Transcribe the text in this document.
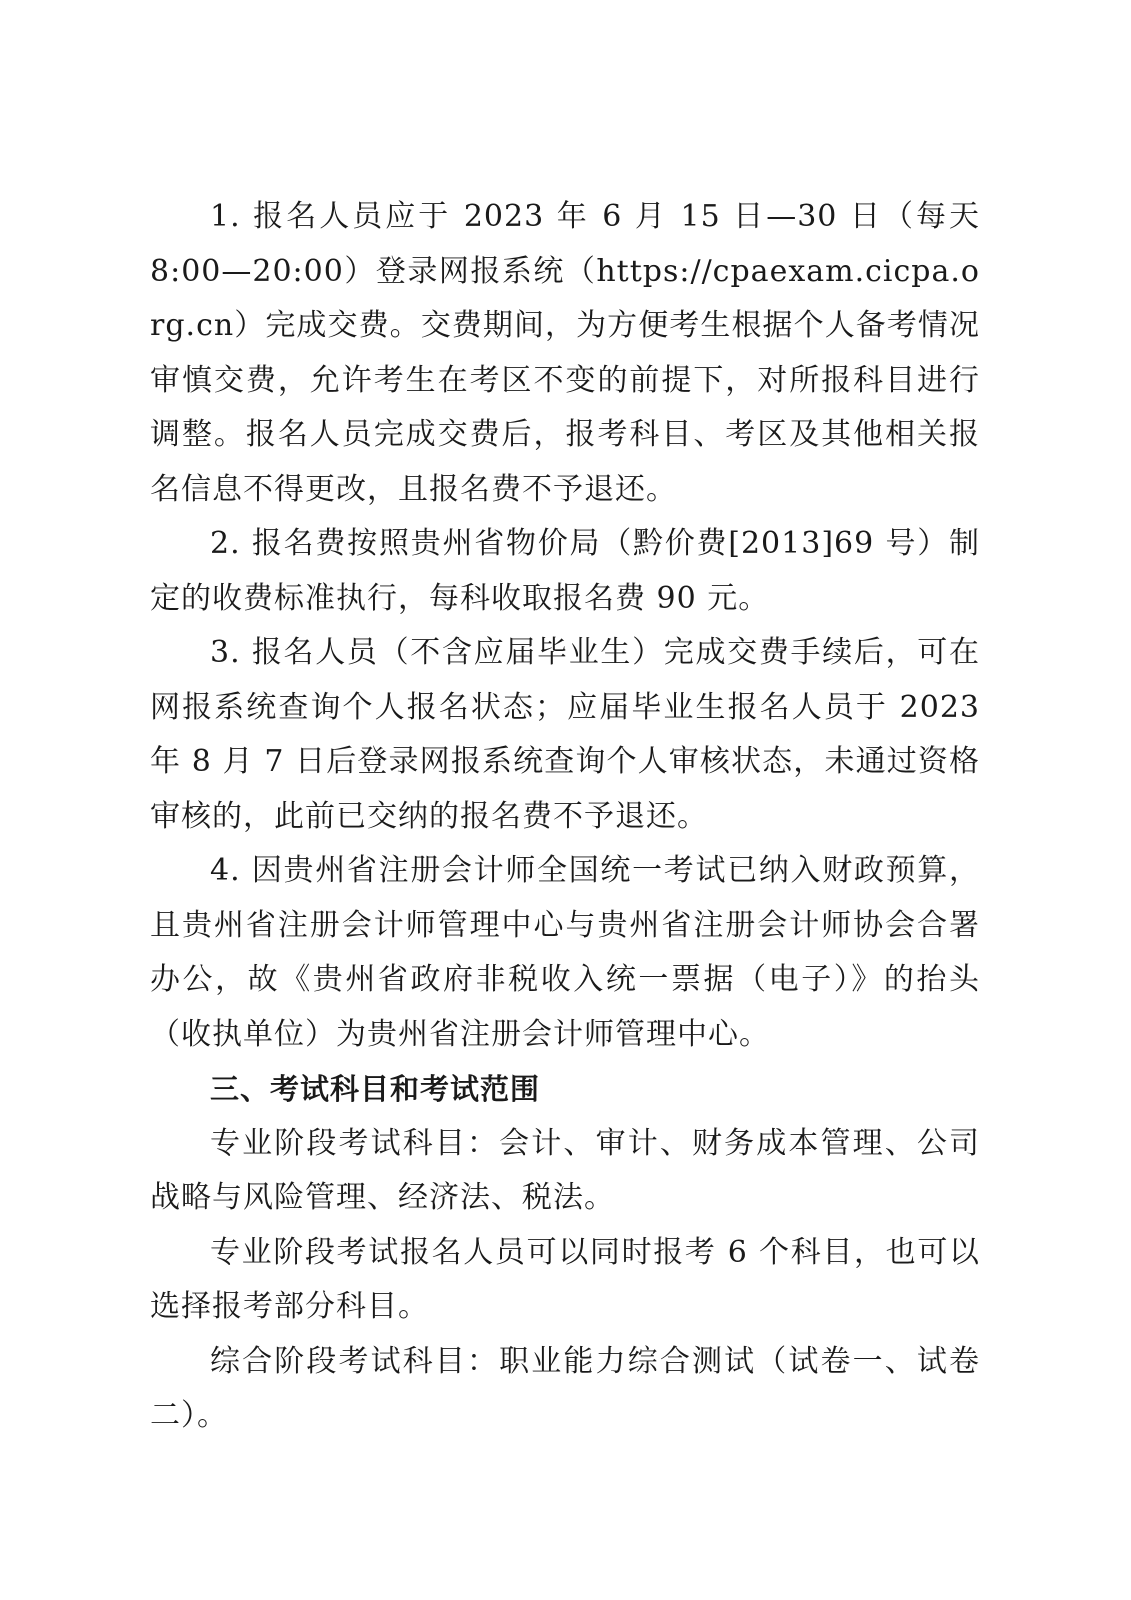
1. 报名人员应于 2023 年 6 月 15 日—30 日（每天 8:00—20:00）登录网报系统（https://cpaexam.cicpa.org.cn）完成交费。交费期间，为方便考生根据个人备考情况审慎交费，允许考生在考区不变的前提下，对所报科目进行调整。报名人员完成交费后，报考科目、考区及其他相关报名信息不得更改，且报名费不予退还。

2. 报名费按照贵州省物价局（黔价费[2013]69 号）制定的收费标准执行，每科收取报名费 90 元。

3. 报名人员（不含应届毕业生）完成交费手续后，可在网报系统查询个人报名状态；应届毕业生报名人员于 2023 年 8 月 7 日后登录网报系统查询个人审核状态，未通过资格审核的，此前已交纳的报名费不予退还。

4. 因贵州省注册会计师全国统一考试已纳入财政预算，且贵州省注册会计师管理中心与贵州省注册会计师协会合署办公，故《贵州省政府非税收入统一票据（电子）》的抬头（收执单位）为贵州省注册会计师管理中心。

三、考试科目和考试范围

专业阶段考试科目：会计、审计、财务成本管理、公司战略与风险管理、经济法、税法。

专业阶段考试报名人员可以同时报考 6 个科目，也可以选择报考部分科目。

综合阶段考试科目：职业能力综合测试（试卷一、试卷二）。
